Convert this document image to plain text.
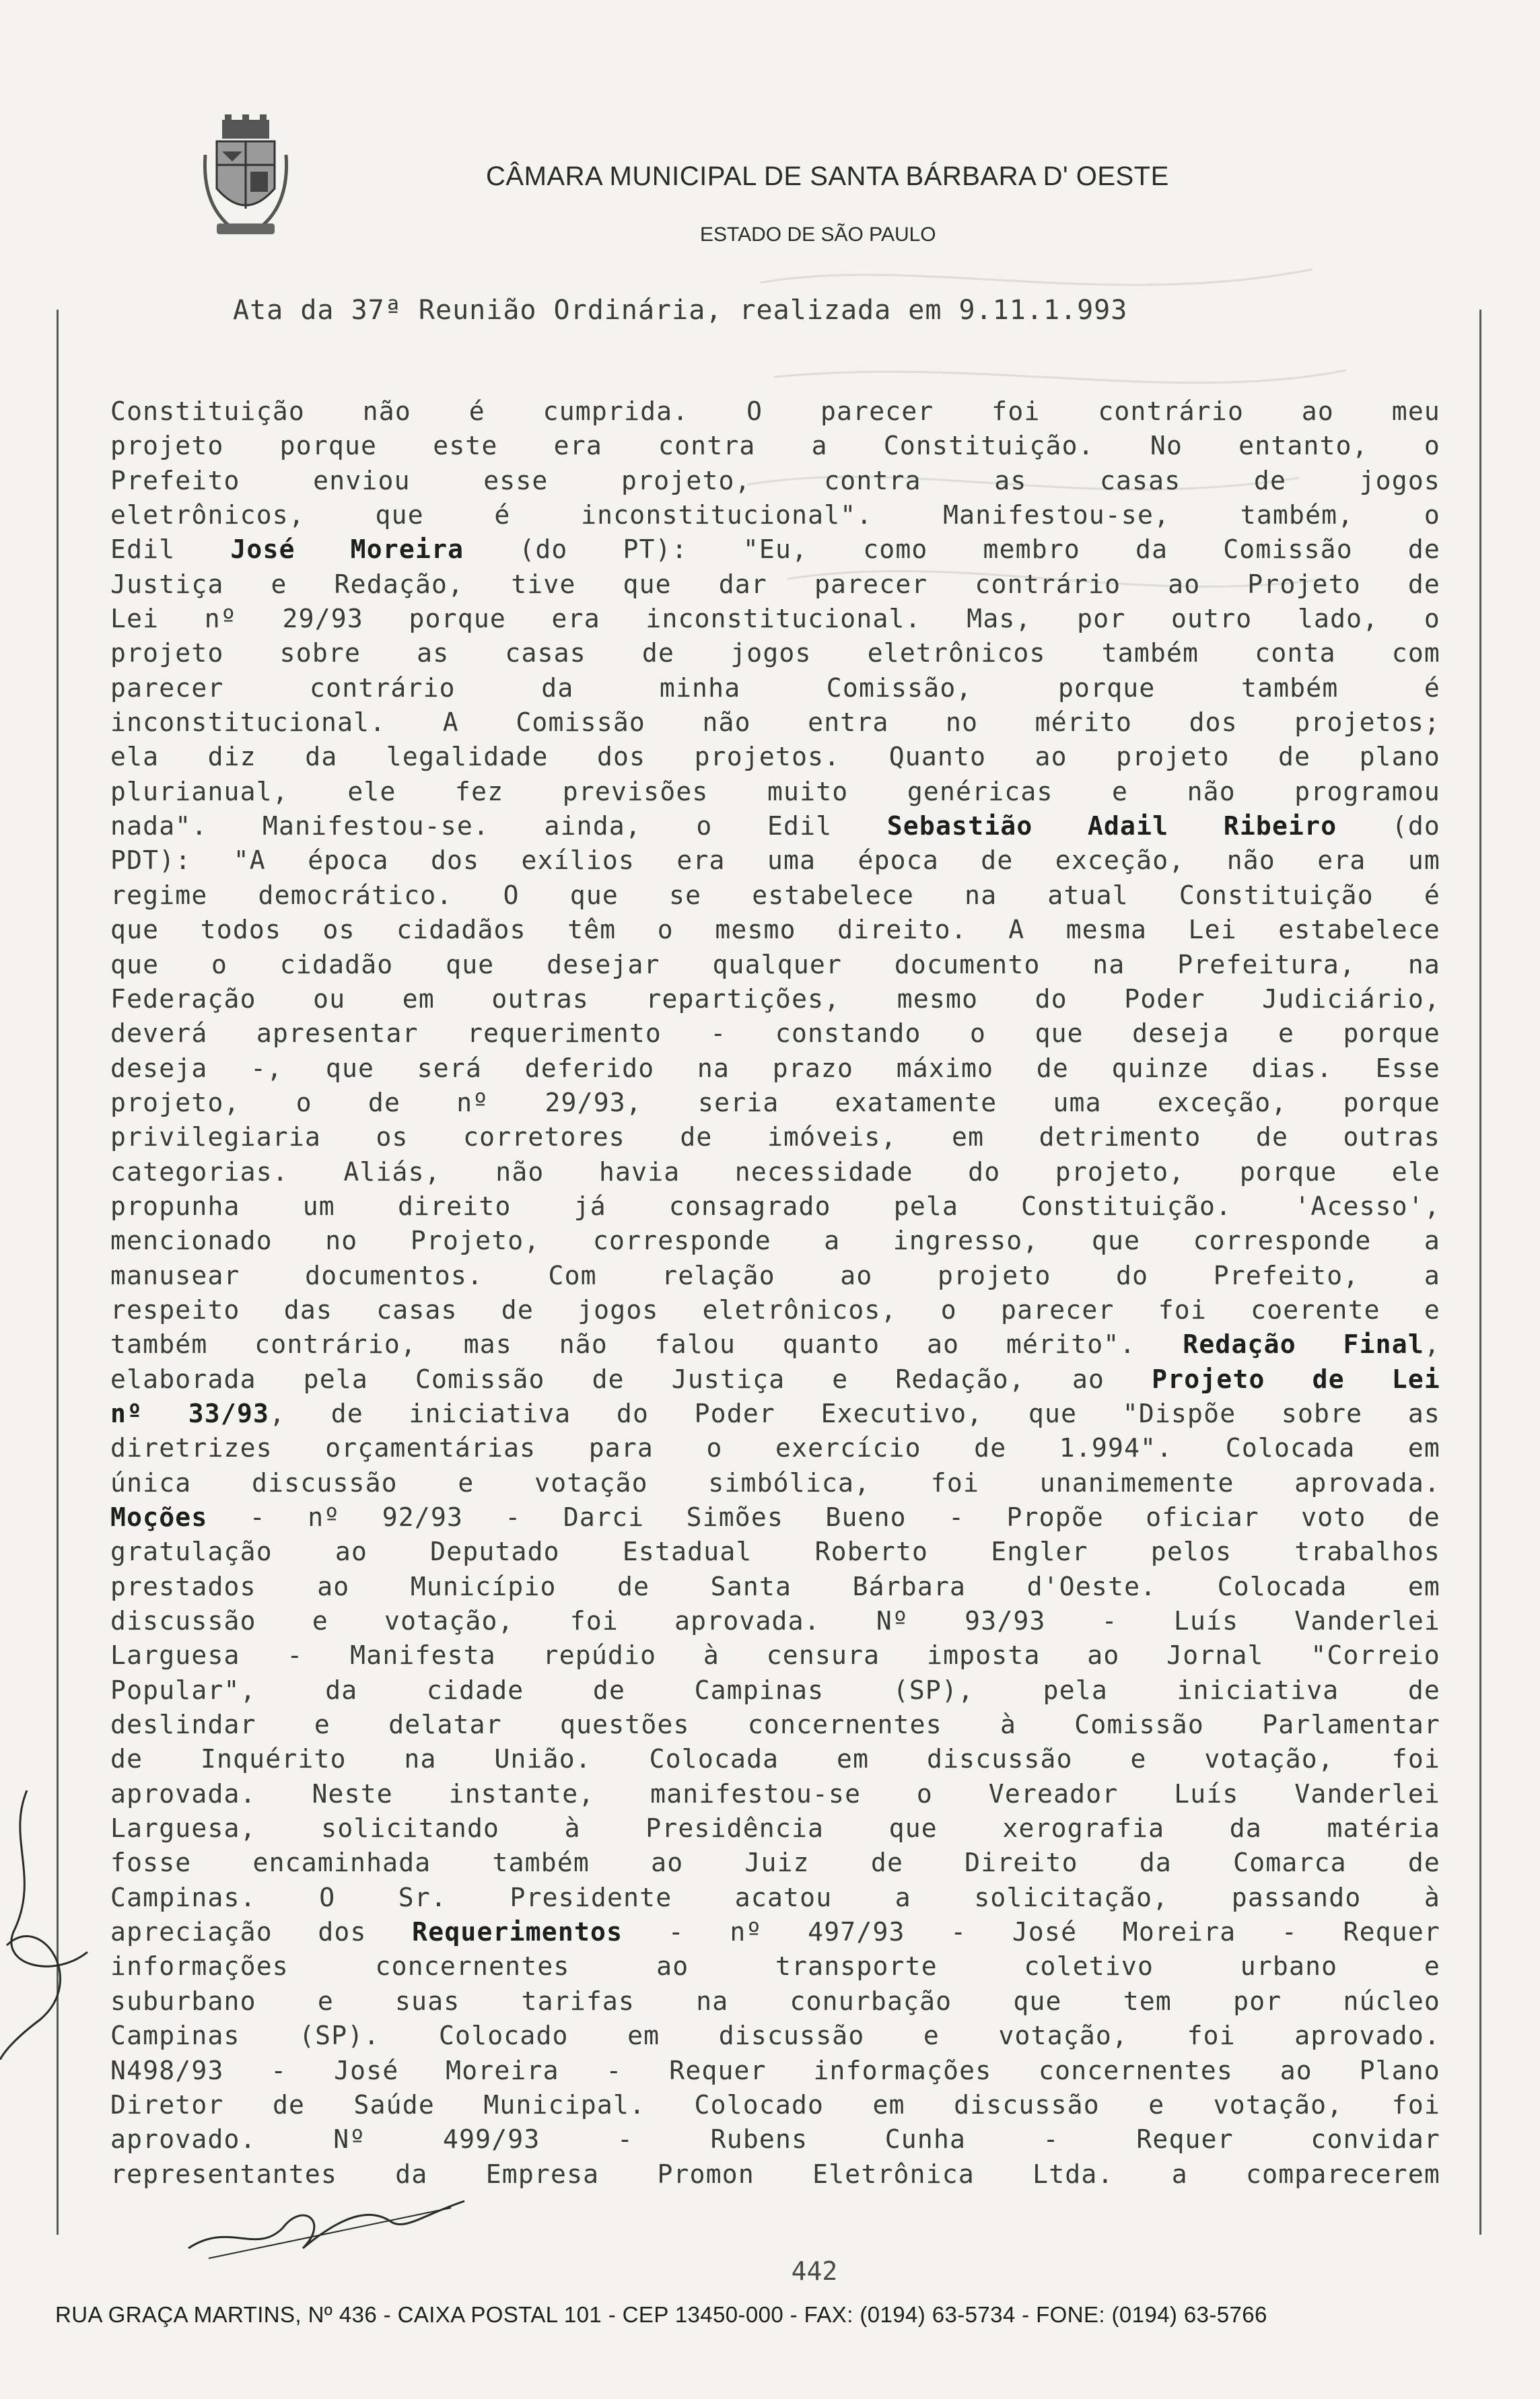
CÂMARA MUNICIPAL DE SANTA BÁRBARA D' OESTE
ESTADO DE SÃO PAULO
Ata da 37ª Reunião Ordinária, realizada em 9.11.1.993
Constituição não é cumprida. O parecer foi contrário ao meu
projeto porque este era contra a Constituição. No entanto, o
Prefeito enviou esse projeto, contra as casas de jogos
eletrônicos, que é inconstitucional". Manifestou-se, também, o
Edil José Moreira (do PT): "Eu, como membro da Comissão de
Justiça e Redação, tive que dar parecer contrário ao Projeto de
Lei nº 29/93 porque era inconstitucional. Mas, por outro lado, o
projeto sobre as casas de jogos eletrônicos também conta com
parecer contrário da minha Comissão, porque também é
inconstitucional. A Comissão não entra no mérito dos projetos;
ela diz da legalidade dos projetos. Quanto ao projeto de plano
plurianual, ele fez previsões muito genéricas e não programou
nada". Manifestou-se. ainda, o Edil Sebastião Adail Ribeiro (do
PDT): "A época dos exílios era uma época de exceção, não era um
regime democrático. O que se estabelece na atual Constituição é
que todos os cidadãos têm o mesmo direito. A mesma Lei estabelece
que o cidadão que desejar qualquer documento na Prefeitura, na
Federação ou em outras repartições, mesmo do Poder Judiciário,
deverá apresentar requerimento - constando o que deseja e porque
deseja -, que será deferido na prazo máximo de quinze dias. Esse
projeto, o de nº 29/93, seria exatamente uma exceção, porque
privilegiaria os corretores de imóveis, em detrimento de outras
categorias. Aliás, não havia necessidade do projeto, porque ele
propunha um direito já consagrado pela Constituição. 'Acesso',
mencionado no Projeto, corresponde a ingresso, que corresponde a
manusear documentos. Com relação ao projeto do Prefeito, a
respeito das casas de jogos eletrônicos, o parecer foi coerente e
também contrário, mas não falou quanto ao mérito". Redação Final,
elaborada pela Comissão de Justiça e Redação, ao Projeto de Lei
nº 33/93, de iniciativa do Poder Executivo, que "Dispõe sobre as
diretrizes orçamentárias para o exercício de 1.994". Colocada em
única discussão e votação simbólica, foi unanimemente aprovada.
Moções - nº 92/93 - Darci Simões Bueno - Propõe oficiar voto de
gratulação ao Deputado Estadual Roberto Engler pelos trabalhos
prestados ao Município de Santa Bárbara d'Oeste. Colocada em
discussão e votação, foi aprovada. Nº 93/93 - Luís Vanderlei
Larguesa - Manifesta repúdio à censura imposta ao Jornal "Correio
Popular", da cidade de Campinas (SP), pela iniciativa de
deslindar e delatar questões concernentes à Comissão Parlamentar
de Inquérito na União. Colocada em discussão e votação, foi
aprovada. Neste instante, manifestou-se o Vereador Luís Vanderlei
Larguesa, solicitando à Presidência que xerografia da matéria
fosse encaminhada também ao Juiz de Direito da Comarca de
Campinas. O Sr. Presidente acatou a solicitação, passando à
apreciação dos Requerimentos - nº 497/93 - José Moreira - Requer
informações concernentes ao transporte coletivo urbano e
suburbano e suas tarifas na conurbação que tem por núcleo
Campinas (SP). Colocado em discussão e votação, foi aprovado.
N498/93 - José Moreira - Requer informações concernentes ao Plano
Diretor de Saúde Municipal. Colocado em discussão e votação, foi
aprovado. Nº 499/93 - Rubens Cunha - Requer convidar
representantes da Empresa Promon Eletrônica Ltda. a comparecerem
442
RUA GRAÇA MARTINS, Nº 436 - CAIXA POSTAL 101 - CEP 13450-000 - FAX: (0194) 63-5734 - FONE: (0194) 63-5766
